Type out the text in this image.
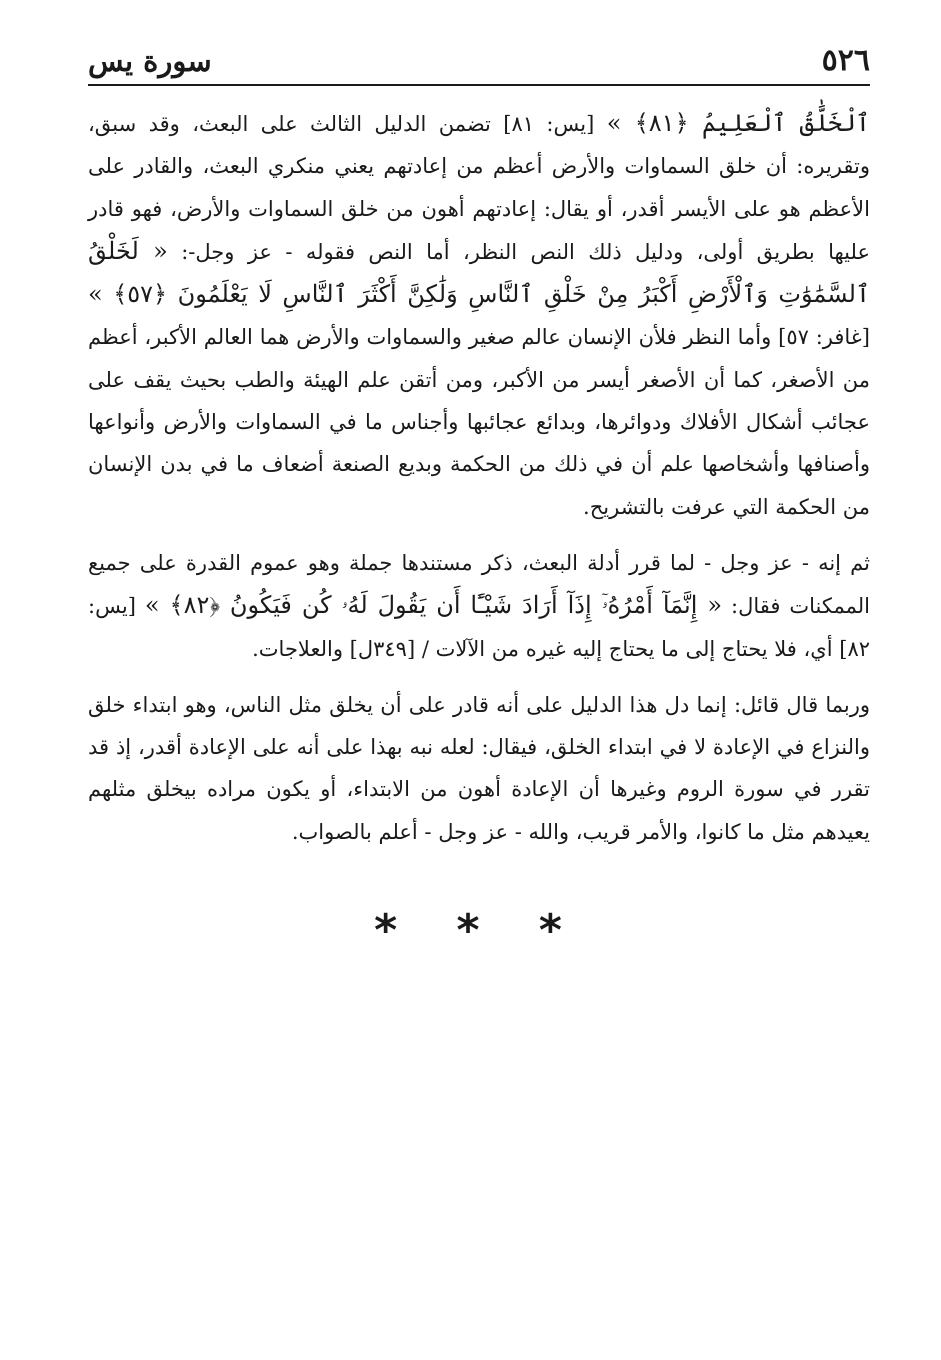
٥٢٦
سورة يس

ٱلْخَلَّٰقُ ٱلْعَلِيمُ ﴿٨١﴾ » [يس: ٨١] تضمن الدليل الثالث على البعث، وقد سبق، وتقريره: أن خلق السماوات والأرض أعظم من إعادتهم يعني منكري البعث، والقادر على الأعظم هو على الأيسر أقدر، أو يقال: إعادتهم أهون من خلق السماوات والأرض، فهو قادر عليها بطريق أولى، ودليل ذلك النص النظر، أما النص فقوله - عز وجل-: « لَخَلْقُ ٱلسَّمَٰوَٰتِ وَٱلْأَرْضِ أَكْبَرُ مِنْ خَلْقِ ٱلنَّاسِ وَلَٰكِنَّ أَكْثَرَ ٱلنَّاسِ لَا يَعْلَمُونَ ﴿٥٧﴾ » [غافر: ٥٧] وأما النظر فلأن الإنسان عالم صغير والسماوات والأرض هما العالم الأكبر، أعظم من الأصغر، كما أن الأصغر أيسر من الأكبر، ومن أتقن علم الهيئة والطب بحيث يقف على عجائب أشكال الأفلاك ودوائرها، وبدائع عجائبها وأجناس ما في السماوات والأرض وأنواعها وأصنافها وأشخاصها علم أن في ذلك من الحكمة وبديع الصنعة أضعاف ما في بدن الإنسان من الحكمة التي عرفت بالتشريح.

ثم إنه - عز وجل - لما قرر أدلة البعث، ذكر مستندها جملة وهو عموم القدرة على جميع الممكنات فقال: « إِنَّمَآ أَمْرُهُۥٓ إِذَآ أَرَادَ شَيْـًٔا أَن يَقُولَ لَهُۥ كُن فَيَكُونُ ﴿٨٢﴾ » [يس: ٨٢] أي، فلا يحتاج إلى ما يحتاج إليه غيره من الآلات / [٣٤٩ل] والعلاجات.

وربما قال قائل: إنما دل هذا الدليل على أنه قادر على أن يخلق مثل الناس، وهو ابتداء خلق والنزاع في الإعادة لا في ابتداء الخلق، فيقال: لعله نبه بهذا على أنه على الإعادة أقدر، إذ قد تقرر في سورة الروم وغيرها أن الإعادة أهون من الابتداء، أو يكون مراده بيخلق مثلهم يعيدهم مثل ما كانوا، والأمر قريب، والله - عز وجل - أعلم بالصواب.

* * *
